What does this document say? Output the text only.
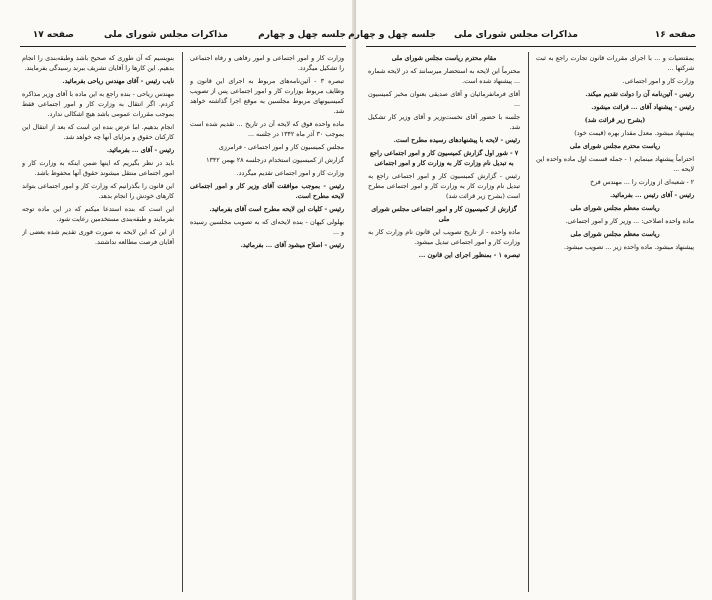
جلسه چهل و چهارم
مذاکرات مجلس شورای ملی
صفحه ۱۷

بنویسیم که آن طوری که صحیح باشد وطبقه‌بندی را انجام بدهیم. این کارها را آقایان تشریف ببرند رسیدگی بفرمایند.

نایب رئیس - آقای مهندس ریاحی بفرمائید.

مهندس ریاحی - بنده راجع به این ماده با آقای وزیر مذاکره کردم. اگر انتقال به وزارت کار و امور اجتماعی فقط بموجب مقررات عمومی باشد هیچ اشکالی ندارد.

انجام بدهیم. اما عرض بنده این است که بعد از انتقال این کارکنان حقوق و مزایای آنها چه خواهد شد.

رئیس - آقای ... بفرمائید.

باید در نظر بگیریم که اینها ضمن اینکه به وزارت کار و امور اجتماعی منتقل میشوند حقوق آنها محفوظ باشد.

این قانون را بگذرانیم که وزارت کار و امور اجتماعی بتواند کارهای خودش را انجام بدهد.

این است که بنده استدعا میکنم که در این ماده توجه بفرمایند و طبقه‌بندی مستخدمین رعایت شود.

از این که این لایحه به صورت فوری تقدیم شده بعضی از آقایان فرصت مطالعه نداشتند.

وزارت کار و امور اجتماعی و امور رفاهی و رفاه اجتماعی را تشکیل میگردد.

تبصره ۳ - آئین‌نامه‌های مربوط به اجرای این قانون و وظایف مربوط بوزارت کار و امور اجتماعی پس از تصویب کمیسیونهای مربوط مجلسین به موقع اجرا گذاشته خواهد شد.

ماده واحده فوق که لایحه آن در تاریخ ... تقدیم شده است بموجب ۳۰ آذر ماه ۱۳۴۲ در جلسه ...

مجلس کمیسیون کار و امور اجتماعی - فرامرزی

گزارش از کمیسیون استخدام درجلسه ۲۸ بهمن ۱۳۴۲

وزارت کار و امور اجتماعی تقدیم میگردد.

رئیس - بموجب موافقت آقای وزیر کار و امور اجتماعی لایحه مطرح است.

رئیس - کلیات این لایحه مطرح است آقای بفرمائید.

بهلولی کیهان - بنده لایحه‌ای که به تصویب مجلسین رسیده و ...

رئیس - اصلاح میشود آقای ... بفرمائید.

صفحه ۱۶
مذاکرات مجلس شورای ملی
جلسه چهل و چهارم

مقام محترم ریاست مجلس شورای ملی

محترماً این لایحه به استحضار میرسانند که در لایحه شماره ... پیشنهاد شده است.

آقای فرمانفرمائیان و آقای صدیقی بعنوان مخبر کمیسیون ...

جلسه با حضور آقای نخست‌وزیر و آقای وزیر کار تشکیل شد.

رئیس - لایحه با پیشنهادهای رسیده مطرح است.

۷ - شور اول گزارش کمیسیون کار و امور اجتماعی راجع به تبدیل نام وزارت کار به وزارت کار و امور اجتماعی

رئیس - گزارش کمیسیون کار و امور اجتماعی راجع به تبدیل نام وزارت کار به وزارت کار و امور اجتماعی مطرح است (بشرح زیر قرائت شد)

گزارش از کمیسیون کار و امور اجتماعی مجلس شورای ملی

ماده واحده - از تاریخ تصویب این قانون نام وزارت کار به وزارت کار و امور اجتماعی تبدیل میشود.

تبصره ۱ - بمنظور اجرای این قانون ...

بمقتضیات و ... با اجرای مقررات قانون تجارت راجع به ثبت شرکتها ...

وزارت کار و امور اجتماعی.

رئیس - آئین‌نامه آن را دولت تقدیم میکند.

رئیس - پیشنهاد آقای ... قرائت میشود.

(بشرح زیر قرائت شد)

پیشنهاد میشود. معدل مقدار بهره (قیمت خود)

ریاست محترم مجلس شورای ملی

احتراماً پیشنهاد مینمایم ۱ - جمله قسمت اول ماده واحده این لایحه ...

۲ - شعبه‌ای از وزارت را ... مهندس فرخ

رئیس - آقای رئیس ... بفرمائید.

ریاست معظم مجلس شورای ملی

ماده واحده اصلاحی: ... وزیر کار و امور اجتماعی.

ریاست معظم مجلس شورای ملی

پیشنهاد میشود. ماده واحده زیر ... تصویب میشود.
